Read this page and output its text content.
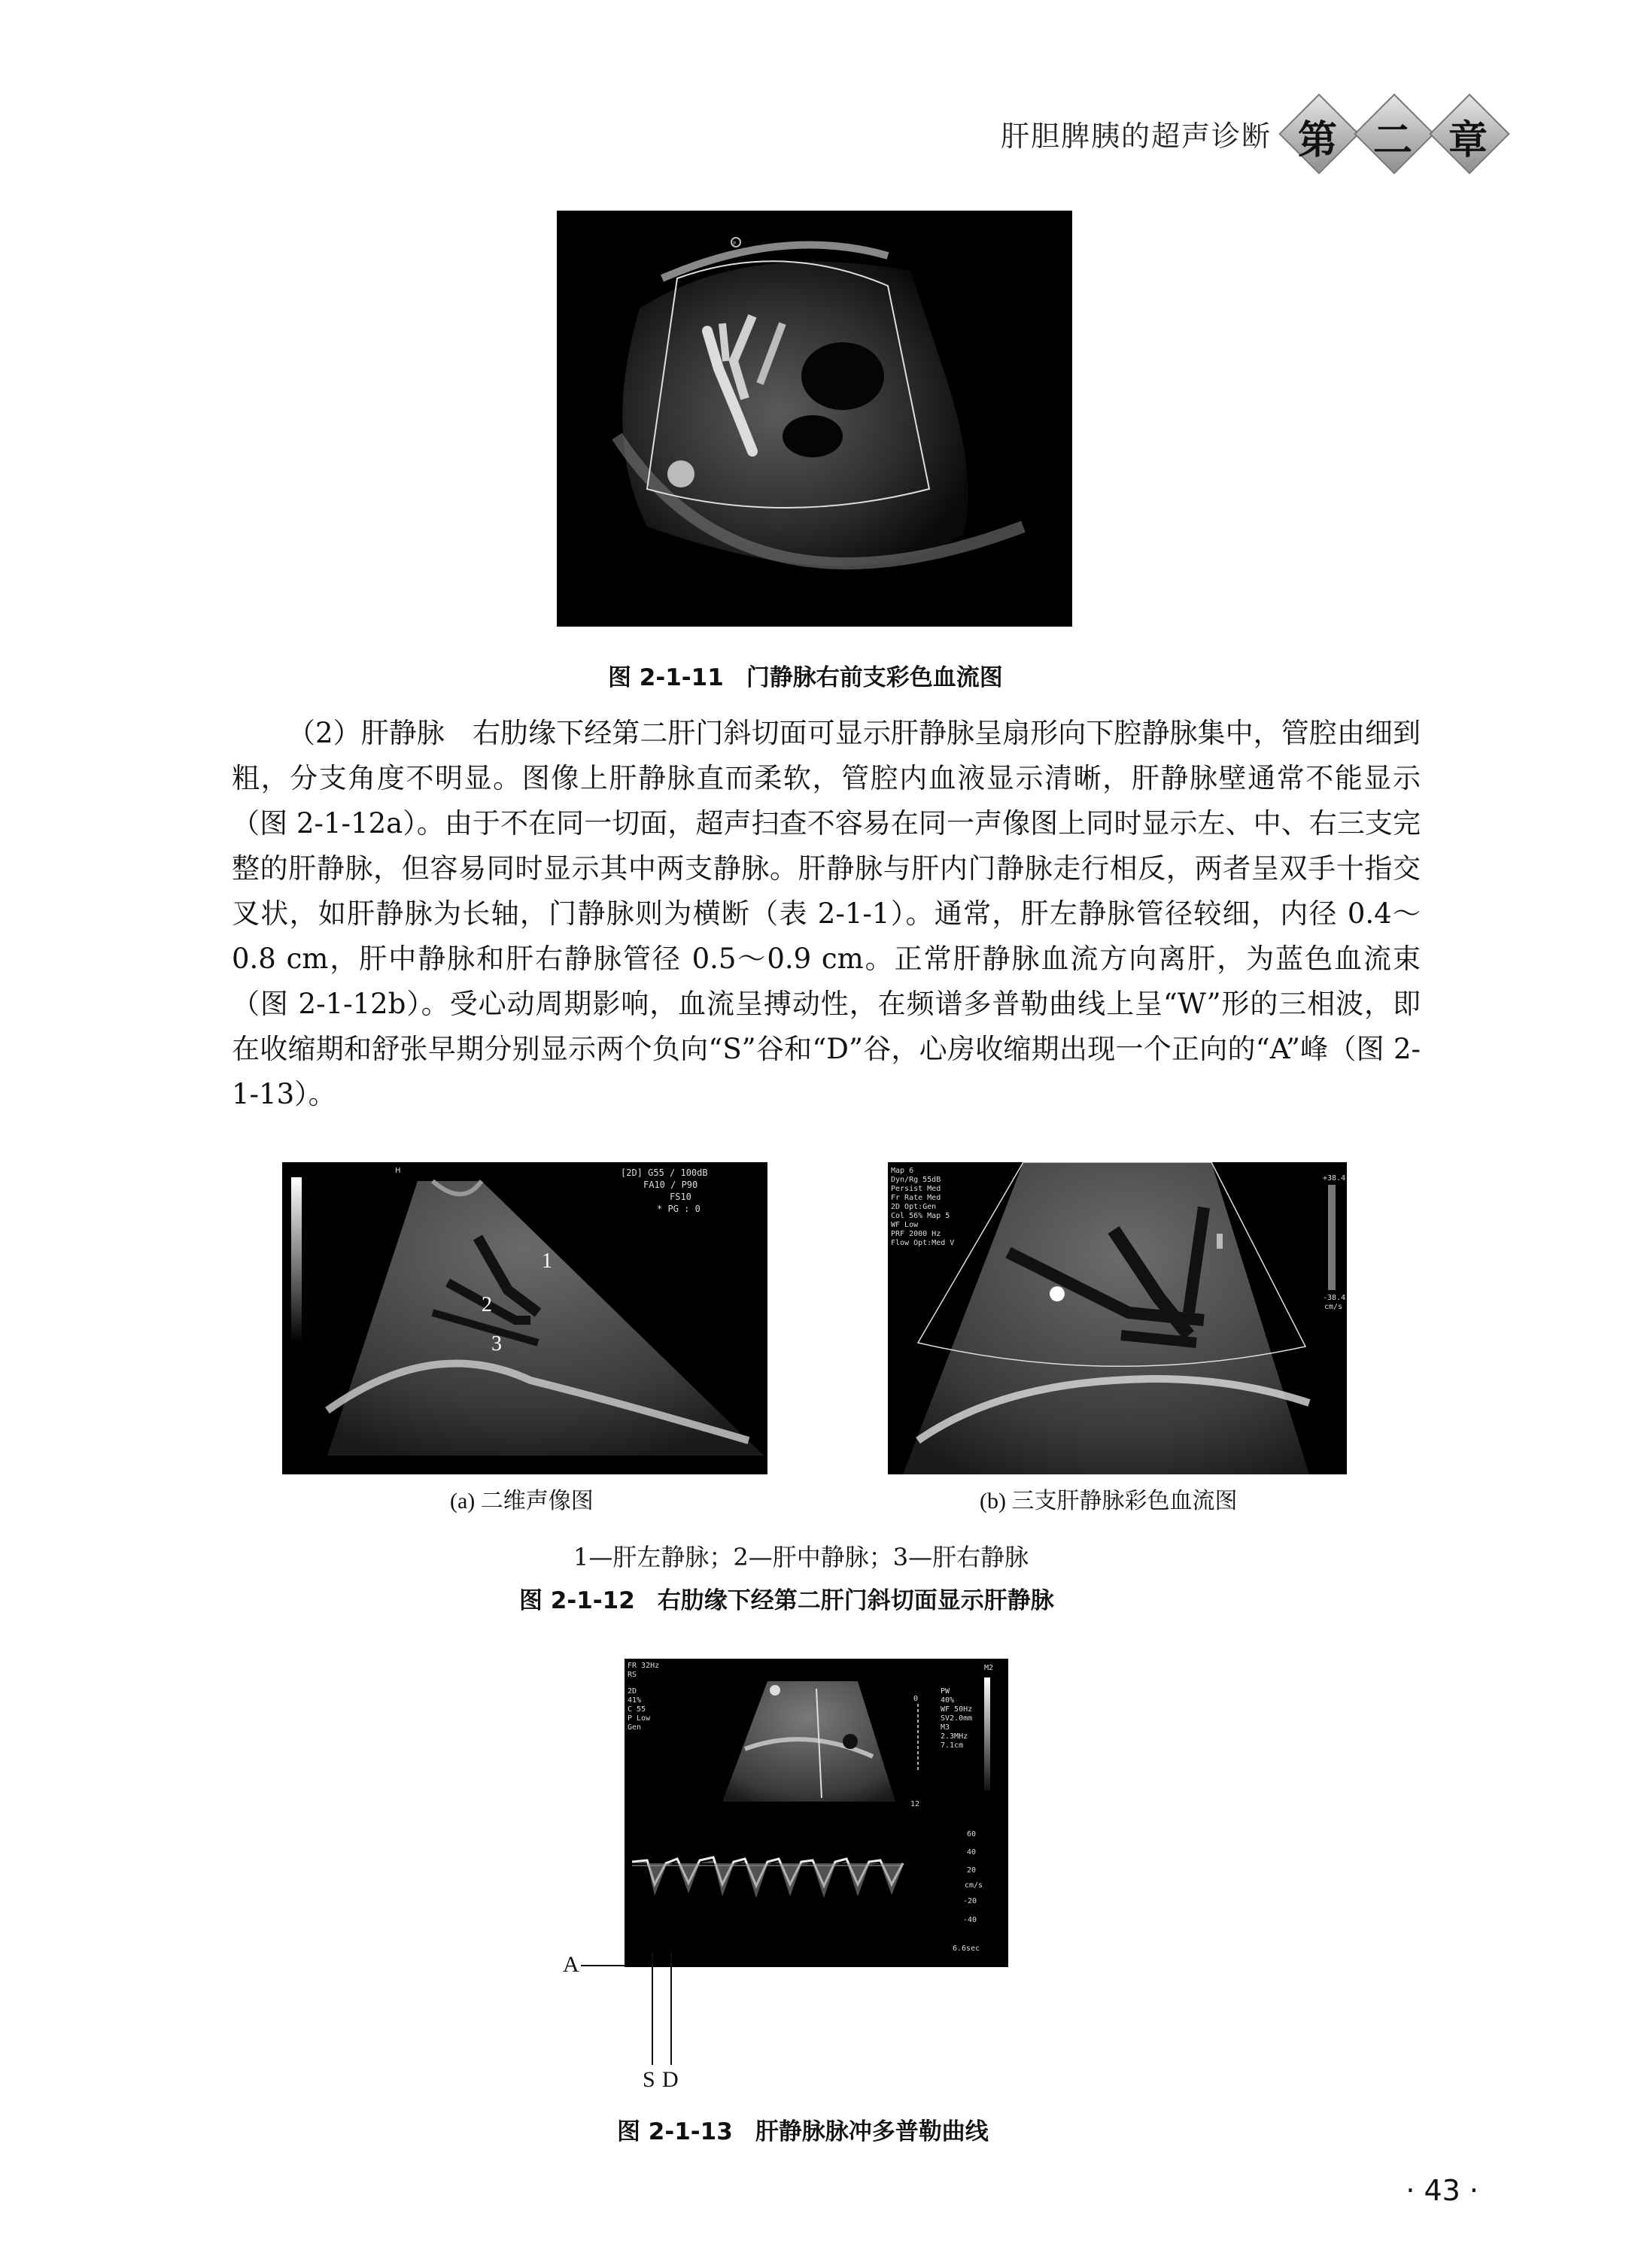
肝胆脾胰的超声诊断 第 二 章
P
图 2-1-11 门静脉右前支彩色血流图

（2）肝静脉　右肋缘下经第二肝门斜切面可显示肝静脉呈扇形向下腔静脉集中，管腔由细到粗，分支角度不明显。图像上肝静脉直而柔软，管腔内血液显示清晰，肝静脉壁通常不能显示（图 2-1-12a）。由于不在同一切面，超声扫查不容易在同一声像图上同时显示左、中、右三支完整的肝静脉，但容易同时显示其中两支静脉。肝静脉与肝内门静脉走行相反，两者呈双手十指交叉状，如肝静脉为长轴，门静脉则为横断（表 2-1-1）。通常，肝左静脉管径较细，内径 0.4～0.8 cm，肝中静脉和肝右静脉管径 0.5～0.9 cm。正常肝静脉血流方向离肝，为蓝色血流束（图 2-1-12b）。受心动周期影响，血流呈搏动性，在频谱多普勒曲线上呈“W”形的三相波，即在收缩期和舒张早期分别显示两个负向“S”谷和“D”谷，心房收缩期出现一个正向的“A”峰（图 2-1-13）。

H	[2D] G55 / 100dB
FA10 / P90
FS10
* PG : 0
1
2
3
(a) 二维声像图
Map 6
Dyn/Rg 55dB
Persist Med
Fr Rate Med
2D Opt:Gen
Col 56% Map 5
WF Low
PRF 2000 Hz
Flow Opt:Med V
+38.4
-38.4
cm/s
(b) 三支肝静脉彩色血流图
1—肝左静脉；2—肝中静脉；3—肝右静脉
图 2-1-12 右肋缘下经第二肝门斜切面显示肝静脉
FR 32Hz
RS
2D
41%
C 55
P Low
Gen
PW
40%
WF 50Hz
SV2.0mm
M3
2.3MHz
7.1cm
M2
0
12
60
40
20
cm/s
-20
-40
6.6sec
A
S D
图 2-1-13 肝静脉脉冲多普勒曲线
· 43 ·
